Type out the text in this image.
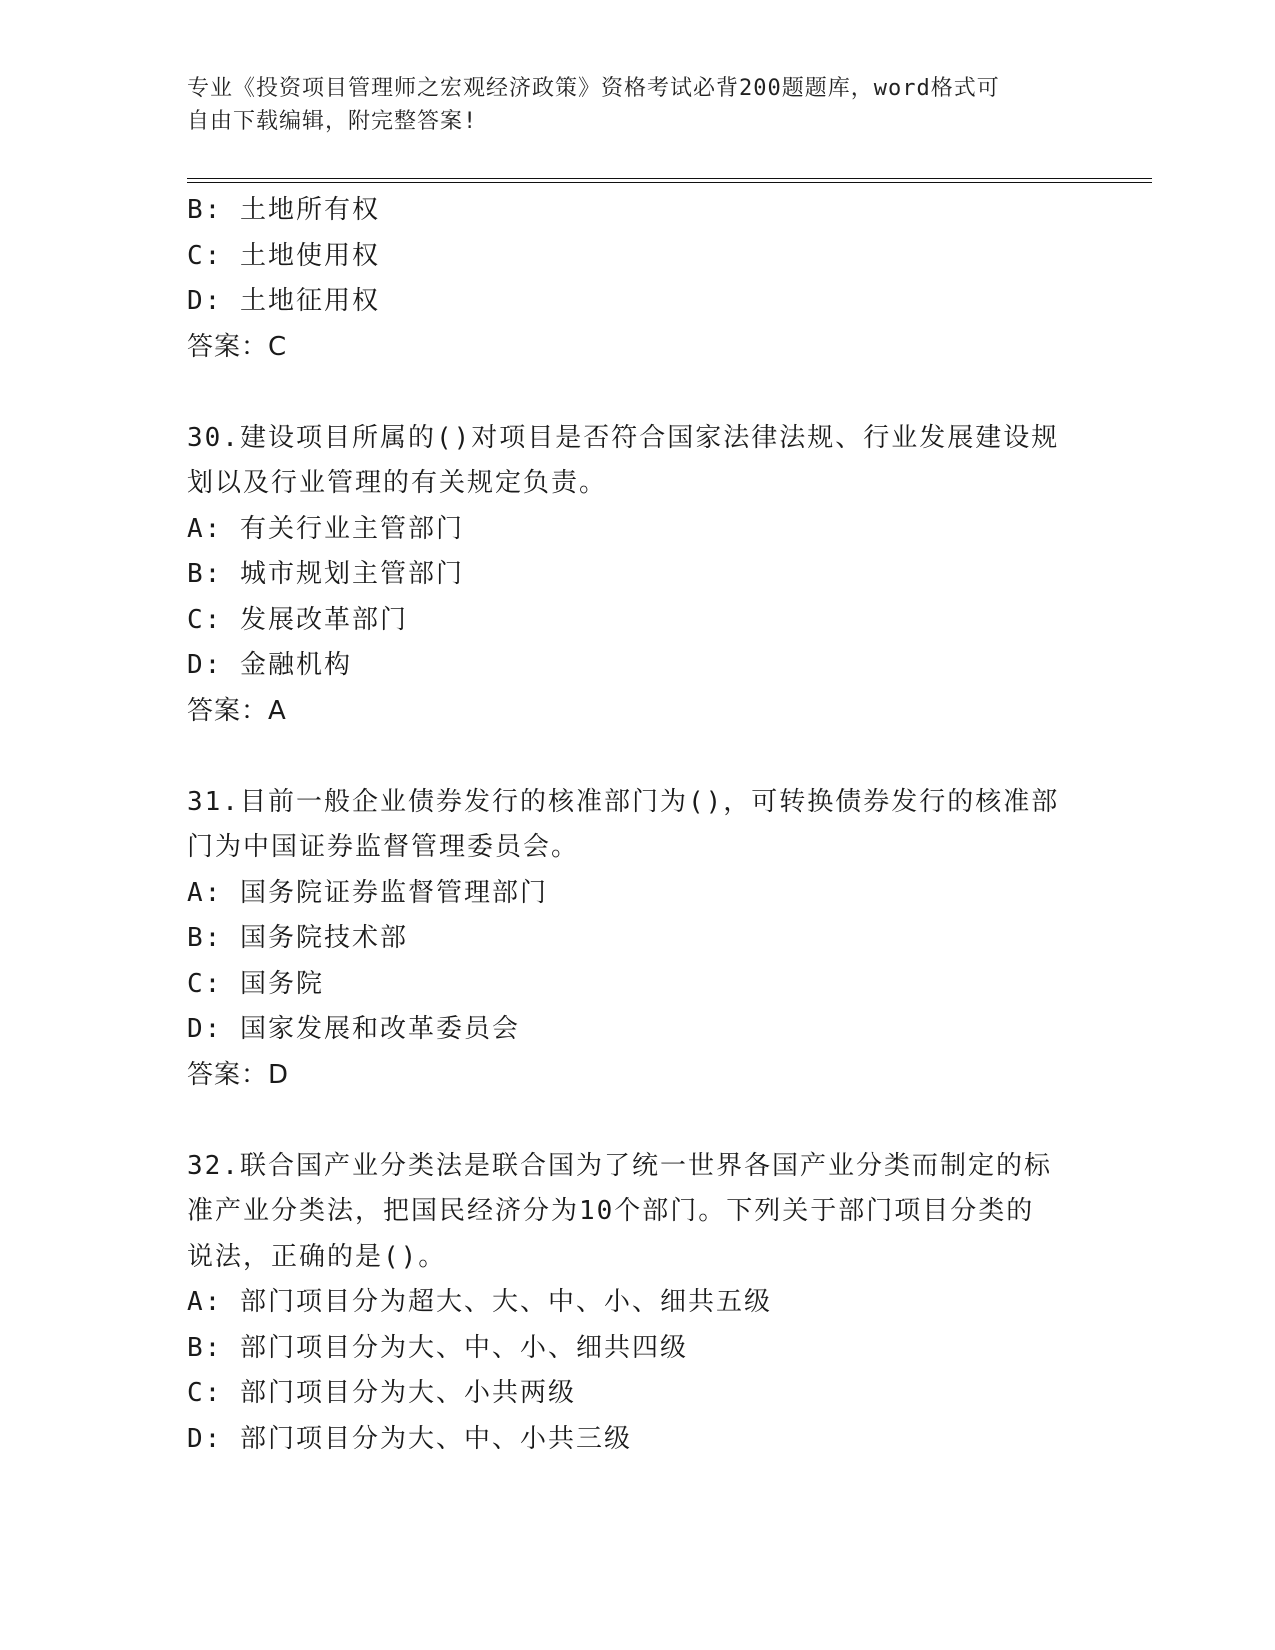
专业《投资项目管理师之宏观经济政策》资格考试必背200题题库，word格式可
自由下载编辑，附完整答案!
B: 土地所有权
C: 土地使用权
D: 土地征用权
答案：C
30.建设项目所属的()对项目是否符合国家法律法规、行业发展建设规
划以及行业管理的有关规定负责。
A: 有关行业主管部门
B: 城市规划主管部门
C: 发展改革部门
D: 金融机构
答案：A
31.目前一般企业债券发行的核准部门为()，可转换债券发行的核准部
门为中国证券监督管理委员会。
A: 国务院证券监督管理部门
B: 国务院技术部
C: 国务院
D: 国家发展和改革委员会
答案：D
32.联合国产业分类法是联合国为了统一世界各国产业分类而制定的标
准产业分类法，把国民经济分为10个部门。下列关于部门项目分类的
说法，正确的是()。
A: 部门项目分为超大、大、中、小、细共五级
B: 部门项目分为大、中、小、细共四级
C: 部门项目分为大、小共两级
D: 部门项目分为大、中、小共三级
